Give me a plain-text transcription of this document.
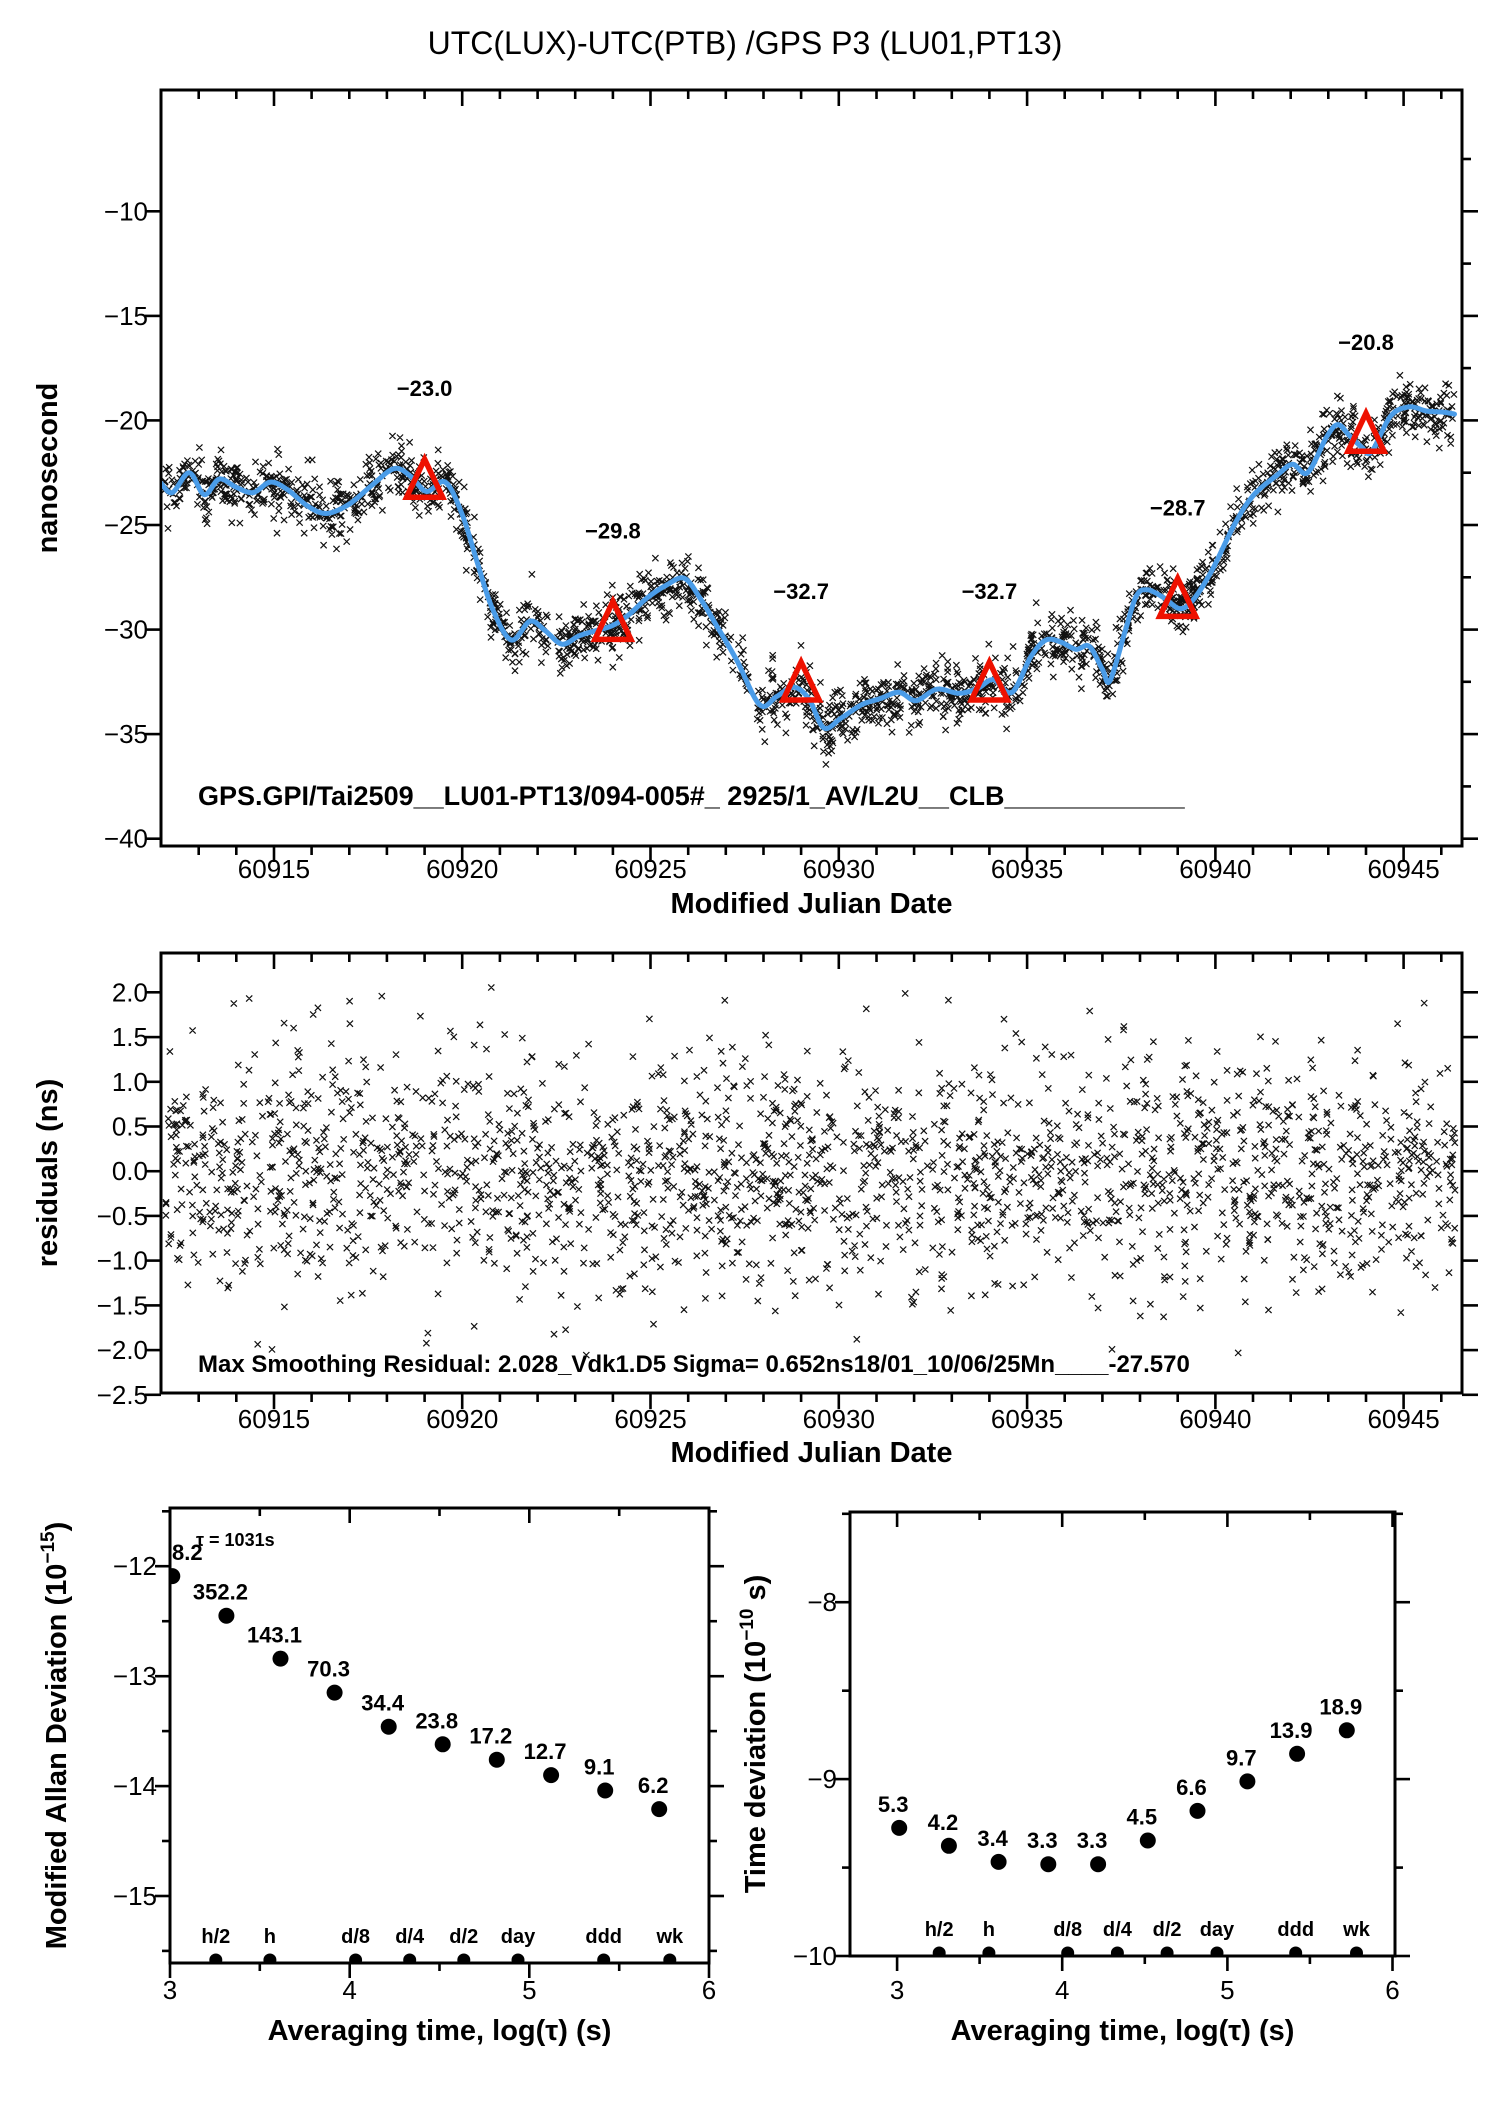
UTC(LUX)-UTC(PTB) /GPS P3 (LU01,PT13)
60915	60920	60925	60930	60935	60940	60945
−10
−15
−20
−25
−30
−35
−40
Modified Julian Date
nanosecond	−23.0
−29.8
−32.7	−32.7
−28.7
−20.8
GPS.GPI/Tai2509__LU01-PT13/094-005#_ 2925/1_AV/L2U__CLB____________
60915	60920	60925	60930	60935	60940	60945
2.0
1.5
1.0
0.5
0.0
−0.5
−1.0
−1.5
−2.0
−2.5
Modified Julian Date
residuals (ns)
Max Smoothing Residual: 2.028_Vdk1.D5 Sigma= 0.652ns18/01_10/06/25Mn____-27.570
3	4	5	6
−12
−13
−14
−15
Averaging time, log(τ) (s)
Modified Allan Deviation $(10^{-15})$
h/2 h	d/8 d/4 d/2 day	ddd wk
8.2
352.2
143.1
70.3
34.4
23.8
17.2
12.7
9.1
6.2
τ = 1031s
3	4	5	6
−8
−9
−10
Averaging time, log(τ) (s)
Time deviation ($10^{-10}$ s)
h/2 h	d/8 d/4 d/2 day ddd wk
5.3
4.2
3.4 3.3 3.3
4.5
6.6
9.7
13.9
18.9
